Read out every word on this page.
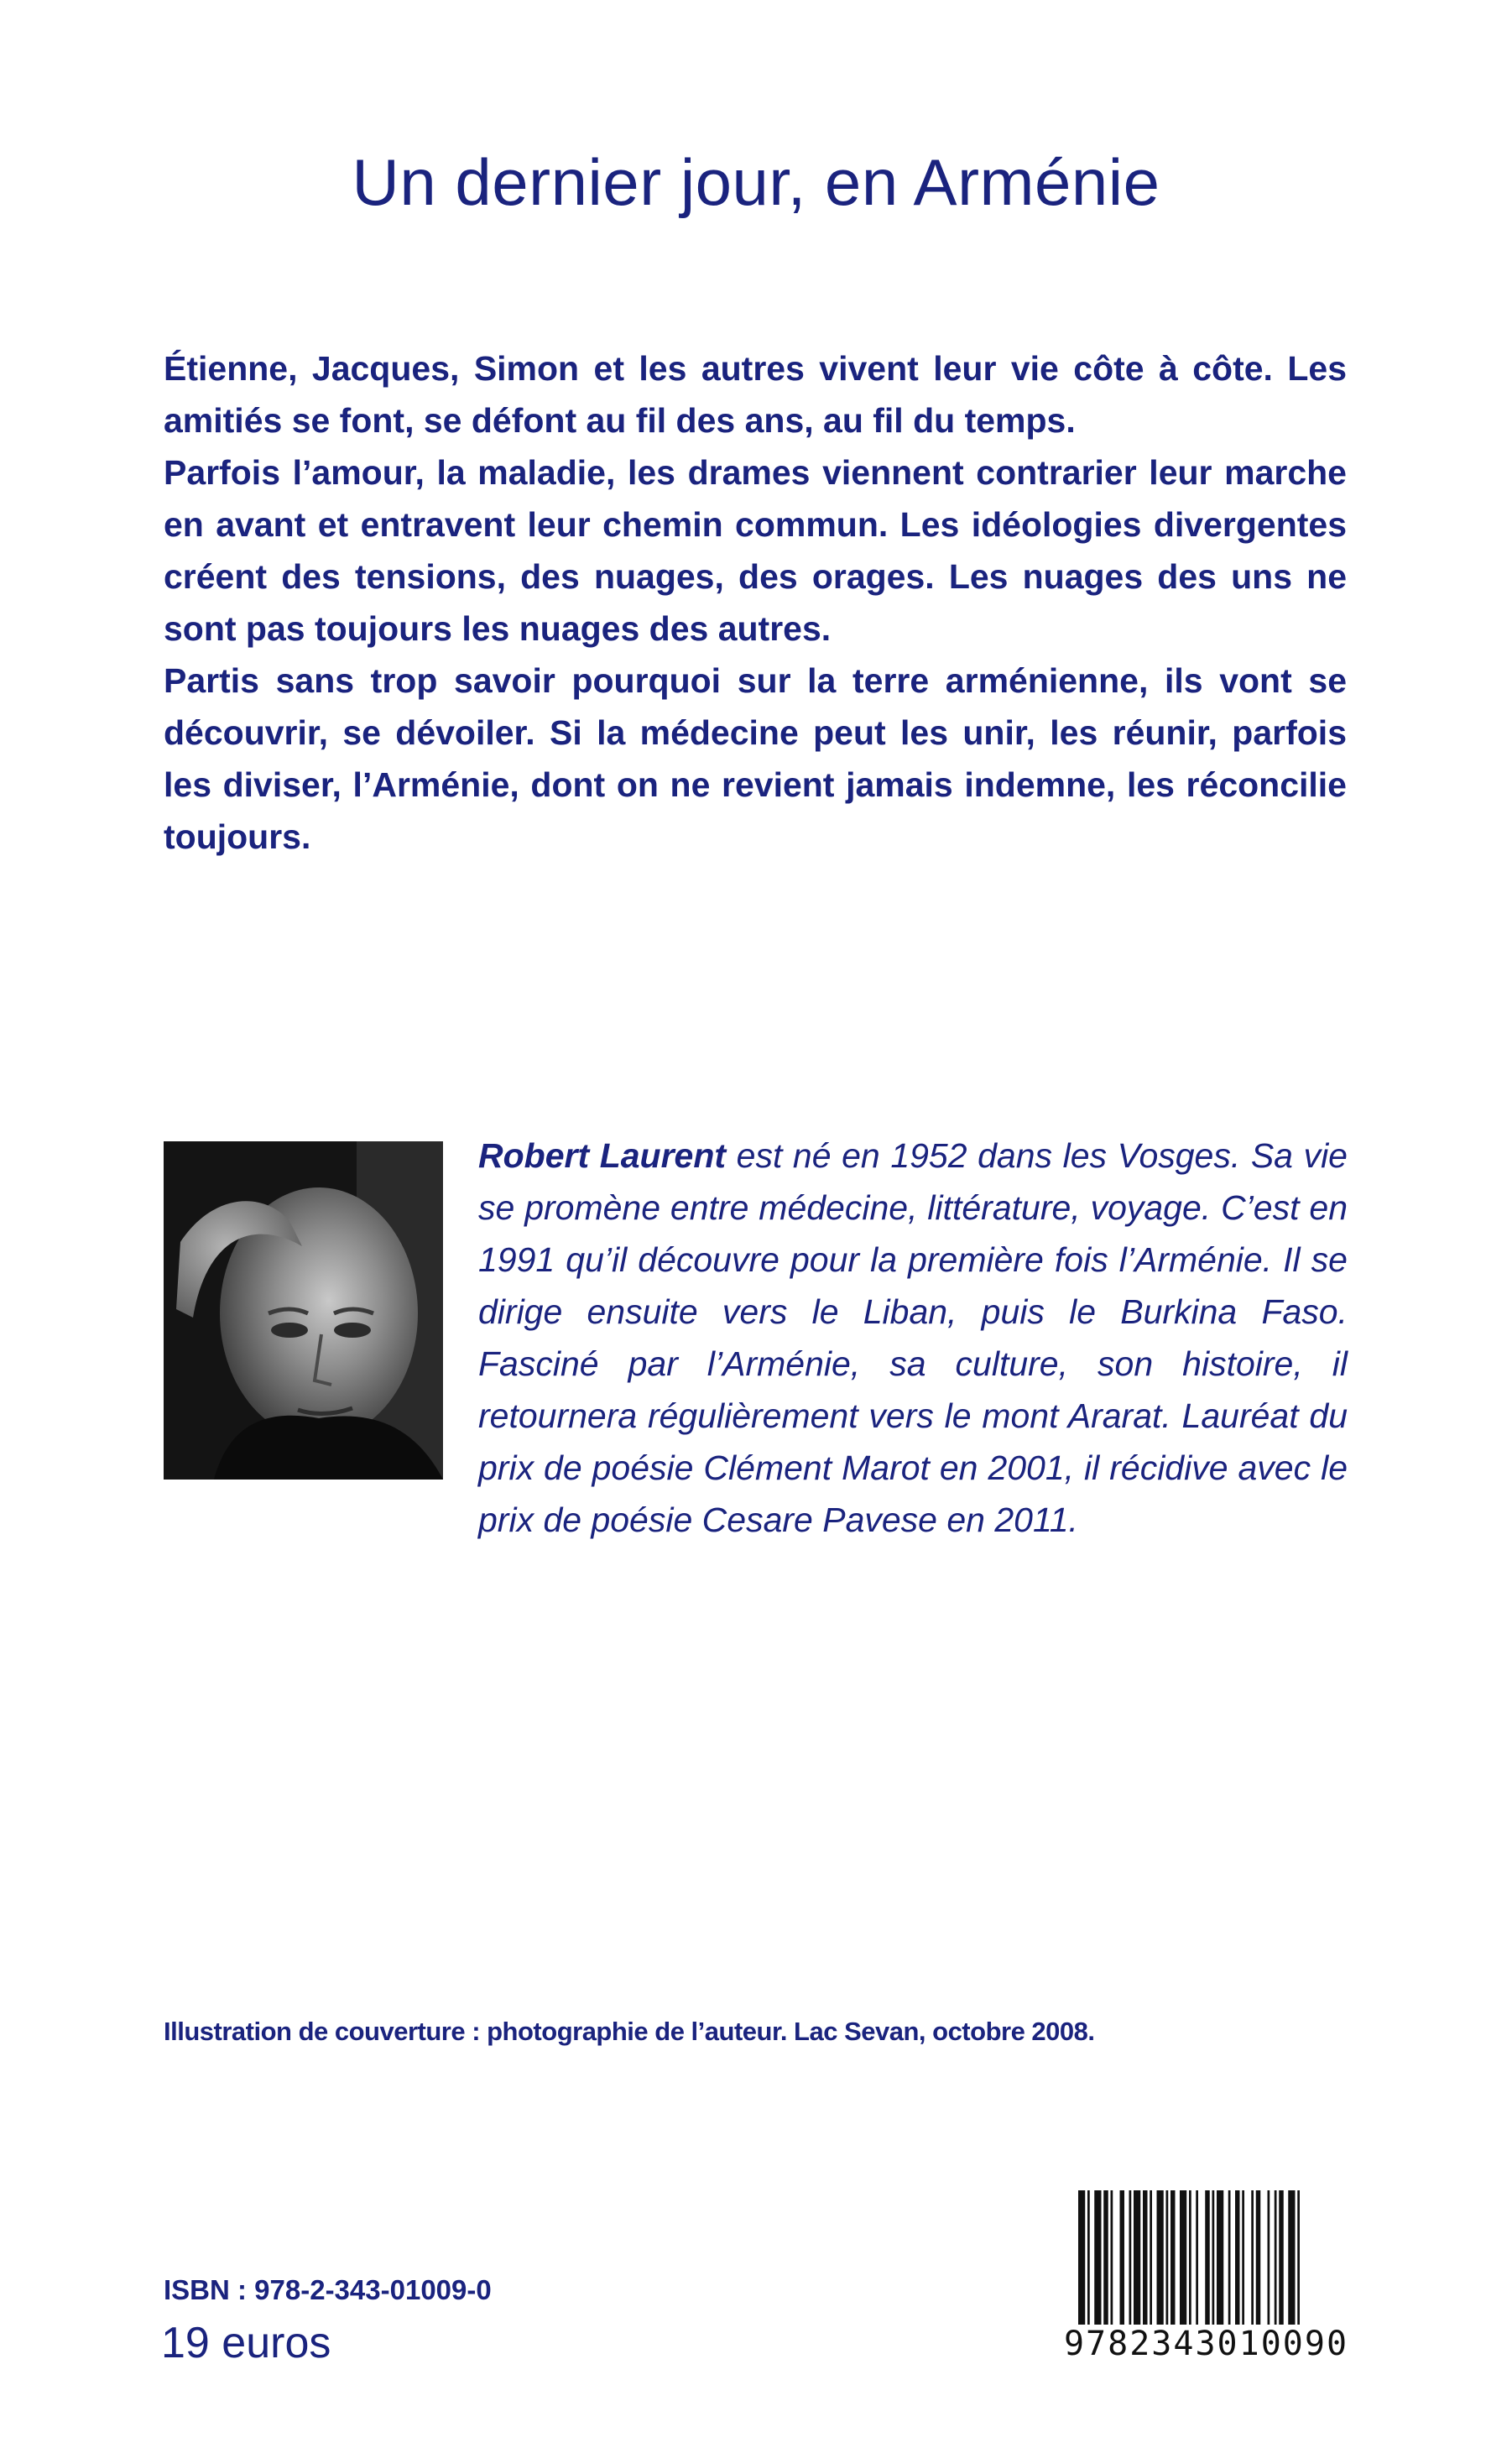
Un dernier jour, en Arménie

Étienne, Jacques, Simon et les autres vivent leur vie côte à côte. Les amitiés se font, se défont au fil des ans, au fil du temps.

Parfois l’amour, la maladie, les drames viennent contrarier leur marche en avant et entravent leur chemin commun. Les idéologies divergentes créent des tensions, des nuages, des orages. Les nuages des uns ne sont pas toujours les nuages des autres.

Partis sans trop savoir pourquoi sur la terre arménienne, ils vont se découvrir, se dévoiler. Si la médecine peut les unir, les réunir, parfois les diviser, l’Arménie, dont on ne revient jamais indemne, les réconcilie toujours.

Robert Laurent est né en 1952 dans les Vosges. Sa vie se promène entre médecine, littérature, voyage. C’est en 1991 qu’il découvre pour la première fois l’Arménie. Il se dirige ensuite vers le Liban, puis le Burkina Faso. Fasciné par l’Arménie, sa culture, son histoire, il retournera régulièrement vers le mont Ararat. Lauréat du prix de poésie Clément Marot en 2001, il récidive avec le prix de poésie Cesare Pavese en 2011.
Illustration de couverture : photographie de l’auteur. Lac Sevan, octobre 2008.
ISBN : 978-2-343-01009-0
19 euros	9782343010090
